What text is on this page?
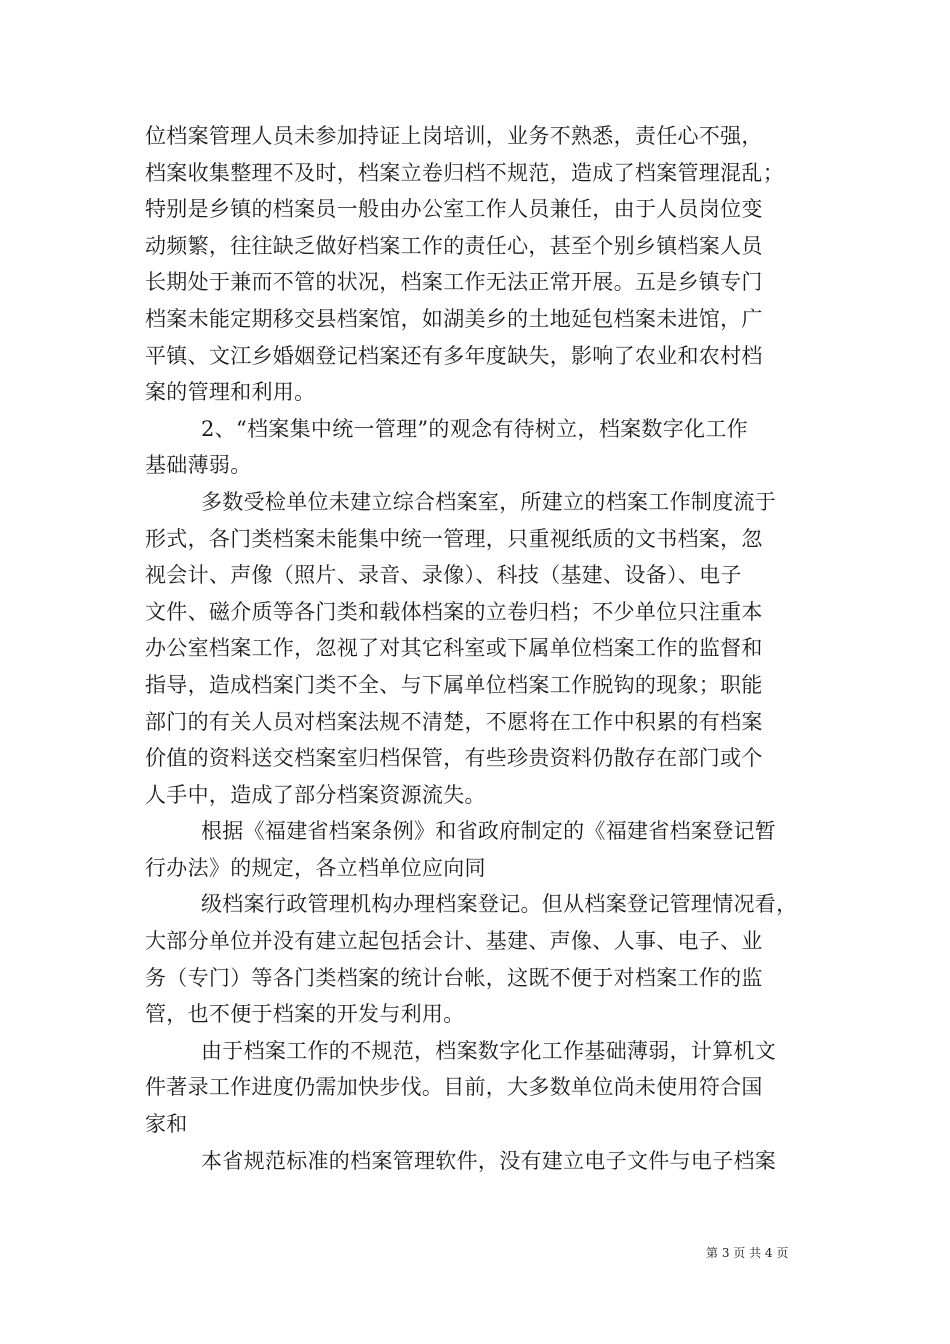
位档案管理人员未参加持证上岗培训，业务不熟悉，责任心不强，
档案收集整理不及时，档案立卷归档不规范，造成了档案管理混乱；
特别是乡镇的档案员一般由办公室工作人员兼任，由于人员岗位变
动频繁，往往缺乏做好档案工作的责任心，甚至个别乡镇档案人员
长期处于兼而不管的状况，档案工作无法正常开展。五是乡镇专门
档案未能定期移交县档案馆，如湖美乡的土地延包档案未进馆，广
平镇、文江乡婚姻登记档案还有多年度缺失，影响了农业和农村档
案的管理和利用。
2、“档案集中统一管理”的观念有待树立，档案数字化工作
基础薄弱。
多数受检单位未建立综合档案室，所建立的档案工作制度流于
形式，各门类档案未能集中统一管理，只重视纸质的文书档案，忽
视会计、声像（照片、录音、录像）、科技（基建、设备）、电子
文件、磁介质等各门类和载体档案的立卷归档；不少单位只注重本
办公室档案工作，忽视了对其它科室或下属单位档案工作的监督和
指导，造成档案门类不全、与下属单位档案工作脱钩的现象；职能
部门的有关人员对档案法规不清楚，不愿将在工作中积累的有档案
价值的资料送交档案室归档保管，有些珍贵资料仍散存在部门或个
人手中，造成了部分档案资源流失。
根据《福建省档案条例》和省政府制定的《福建省档案登记暂
行办法》的规定，各立档单位应向同
级档案行政管理机构办理档案登记。但从档案登记管理情况看，
大部分单位并没有建立起包括会计、基建、声像、人事、电子、业
务（专门）等各门类档案的统计台帐，这既不便于对档案工作的监
管，也不便于档案的开发与利用。
由于档案工作的不规范，档案数字化工作基础薄弱，计算机文
件著录工作进度仍需加快步伐。目前，大多数单位尚未使用符合国
家和
本省规范标准的档案管理软件，没有建立电子文件与电子档案
第 3 页 共 4 页
